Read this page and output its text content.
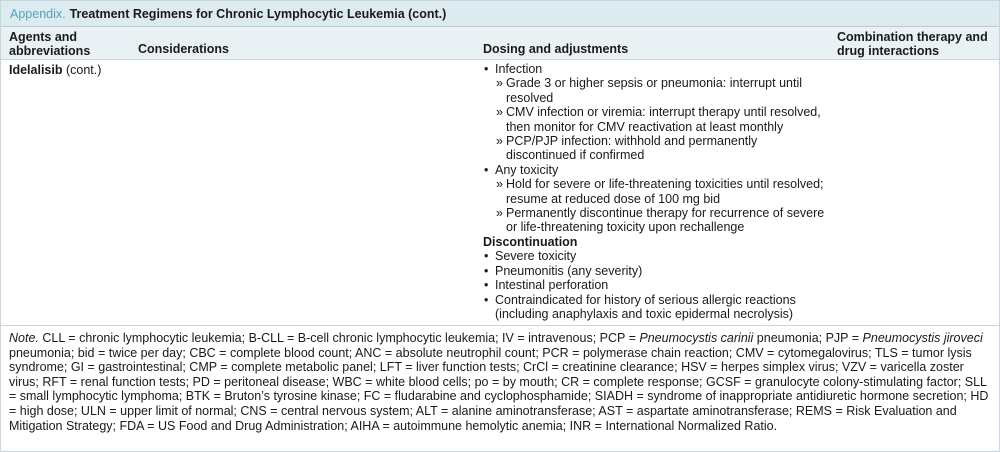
Appendix. Treatment Regimens for Chronic Lymphocytic Leukemia (cont.)
Agents and abbreviations	Considerations	Dosing and adjustments
Combination therapy and drug interactions
Idelalisib (cont.)
•	Infection
» Grade 3 or higher sepsis or pneumonia: interrupt until resolved
» CMV infection or viremia: interrupt therapy until resolved, then monitor for CMV reactivation at least monthly
» PCP/PJP infection: withhold and permanently discontinued if confirmed
• Any toxicity
» Hold for severe or life-threatening toxicities until resolved; resume at reduced dose of 100 mg bid
» Permanently discontinue therapy for recurrence of severe or life-threatening toxicity upon rechallenge
Discontinuation
• Severe toxicity
• Pneumonitis (any severity)
• Intestinal perforation
• Contraindicated for history of serious allergic reactions (including anaphylaxis and toxic epidermal necrolysis)
Note. CLL = chronic lymphocytic leukemia; B-CLL = B-cell chronic lymphocytic leukemia; IV = intravenous; PCP = Pneumocystis carinii pneumonia; PJP = Pneumocystis jiroveci pneumonia; bid = twice per day; CBC = complete blood count; ANC = absolute neutrophil count; PCR = polymerase chain reaction; CMV = cytomegalovirus; TLS = tumor lysis syndrome; GI = gastrointestinal; CMP = complete metabolic panel; LFT = liver function tests; CrCl = creatinine clearance; HSV = herpes simplex virus; VZV = varicella zoster virus; RFT = renal function tests; PD = peritoneal disease; WBC = white blood cells; po = by mouth; CR = complete response; GCSF = granulocyte colony-stimulating factor; SLL = small lymphocytic lymphoma; BTK = Bruton’s tyrosine kinase; FC = fludarabine and cyclophosphamide; SIADH = syndrome of inappropriate antidiuretic hormone secretion; HD = high dose; ULN = upper limit of normal; CNS = central nervous system; ALT = alanine aminotransferase; AST = aspartate aminotransferase; REMS = Risk Evaluation and Mitigation Strategy; FDA = US Food and Drug Administration; AIHA = autoimmune hemolytic anemia; INR = International Normalized Ratio.
